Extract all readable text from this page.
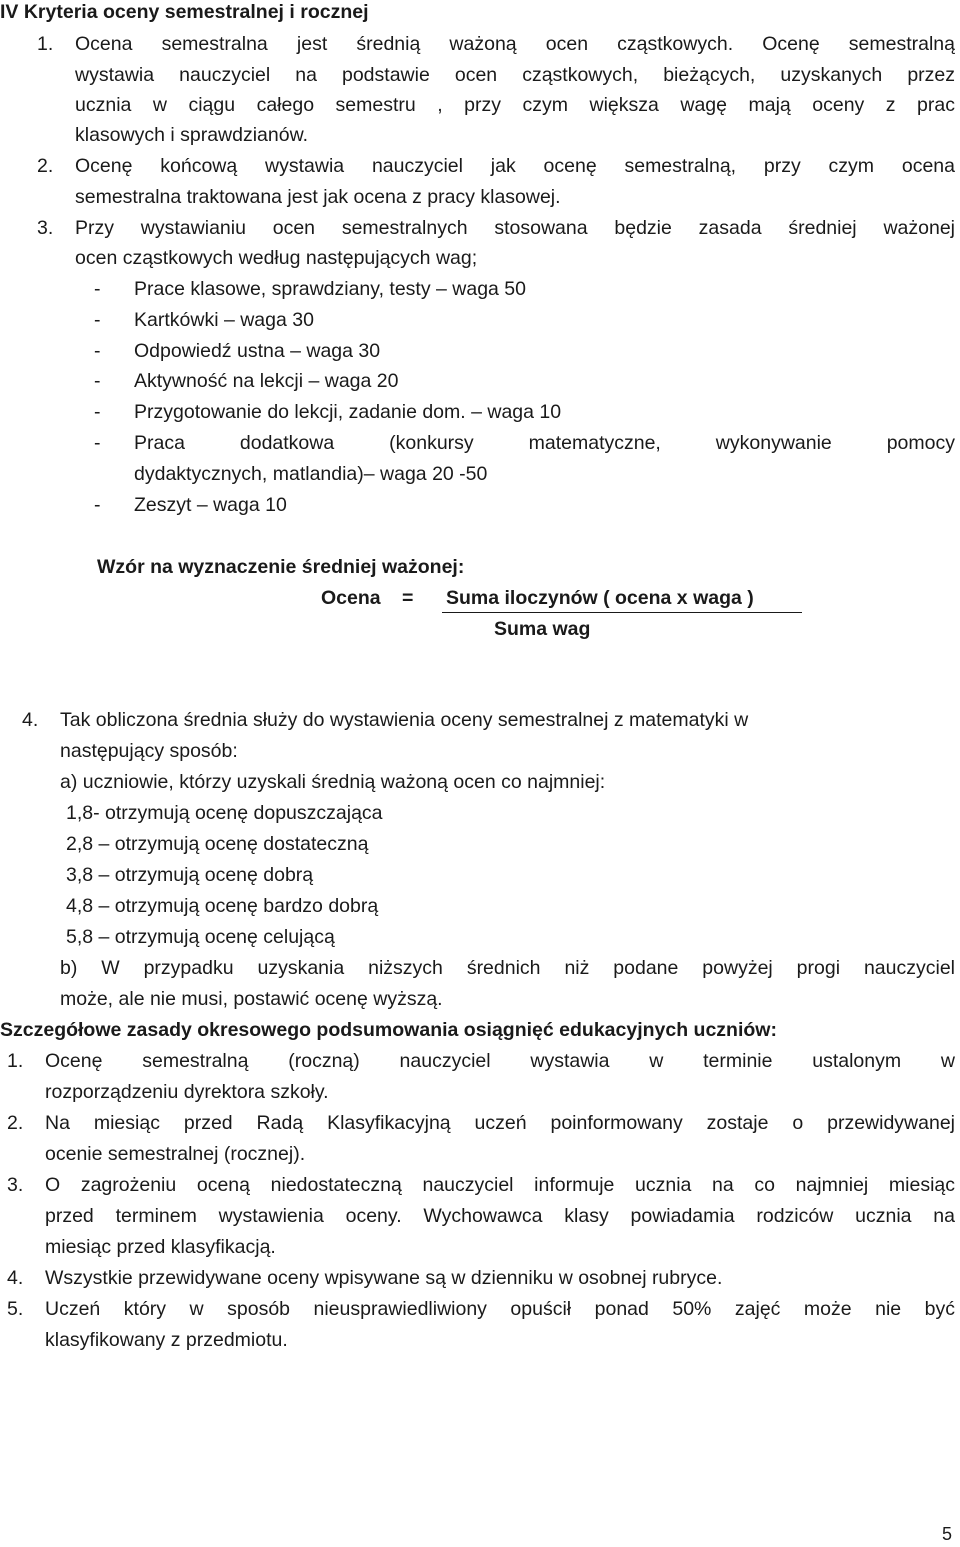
IV Kryteria oceny semestralnej i rocznej
1. Ocena semestralna jest średnią ważoną ocen cząstkowych. Ocenę semestralną
wystawia nauczyciel na podstawie ocen cząstkowych, bieżących, uzyskanych przez
ucznia w ciągu całego semestru , przy czym większa wagę mają oceny z prac
klasowych i sprawdzianów.
2. Ocenę końcową wystawia nauczyciel jak ocenę semestralną, przy czym ocena
semestralna traktowana jest jak ocena z pracy klasowej.
3. Przy wystawianiu ocen semestralnych stosowana będzie zasada średniej ważonej
ocen cząstkowych według następujących wag;
- Prace klasowe, sprawdziany, testy – waga 50
- Kartkówki – waga 30
- Odpowiedź ustna – waga 30
- Aktywność na lekcji – waga 20
- Przygotowanie do lekcji, zadanie dom. – waga 10
- Praca dodatkowa (konkursy matematyczne, wykonywanie pomocy
dydaktycznych, matlandia)– waga 20 -50
- Zeszyt – waga 10
Wzór na wyznaczenie średniej ważonej:
Ocena = Suma iloczynów ( ocena x waga )
Suma wag
4. Tak obliczona średnia służy do wystawienia oceny semestralnej z matematyki w
następujący sposób:
a) uczniowie, którzy uzyskali średnią ważoną ocen co najmniej:
1,8- otrzymują ocenę dopuszczająca
2,8 – otrzymują ocenę dostateczną
3,8 – otrzymują ocenę dobrą
4,8 – otrzymują ocenę bardzo dobrą
5,8 – otrzymują ocenę celującą
b) W przypadku uzyskania niższych średnich niż podane powyżej progi nauczyciel
może, ale nie musi, postawić ocenę wyższą.
Szczegółowe zasady okresowego podsumowania osiągnięć edukacyjnych uczniów:
1. Ocenę semestralną (roczną) nauczyciel wystawia w terminie ustalonym w
rozporządzeniu dyrektora szkoły.
2. Na miesiąc przed Radą Klasyfikacyjną uczeń poinformowany zostaje o przewidywanej
ocenie semestralnej (rocznej).
3. O zagrożeniu oceną niedostateczną nauczyciel informuje ucznia na co najmniej miesiąc
przed terminem wystawienia oceny. Wychowawca klasy powiadamia rodziców ucznia na
miesiąc przed klasyfikacją.
4. Wszystkie przewidywane oceny wpisywane są w dzienniku w osobnej rubryce.
5. Uczeń który w sposób nieusprawiedliwiony opuścił ponad 50% zajęć może nie być
klasyfikowany z przedmiotu.
5
